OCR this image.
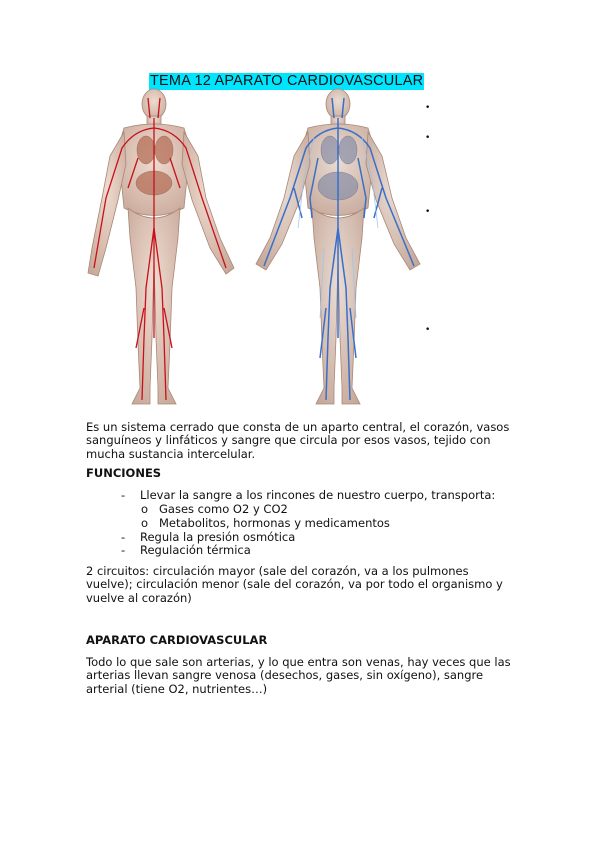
TEMA 12 APARATO CARDIOVASCULAR
•
•
•
•

Es un sistema cerrado que consta de un aparto central, el corazón, vasos sanguíneos y linfáticos y sangre que circula por esos vasos, tejido con mucha sustancia intercelular.

FUNCIONES
- Llevar la sangre a los rincones de nuestro cuerpo, transporta:
o Gases como O2 y CO2
o Metabolitos, hormonas y medicamentos
- Regula la presión osmótica
- Regulación térmica

2 circuitos: circulación mayor (sale del corazón, va a los pulmones vuelve); circulación menor (sale del corazón, va por todo el organismo y vuelve al corazón)

APARATO CARDIOVASCULAR

Todo lo que sale son arterias, y lo que entra son venas, hay veces que las arterias llevan sangre venosa (desechos, gases, sin oxígeno), sangre arterial (tiene O2, nutrientes…)
